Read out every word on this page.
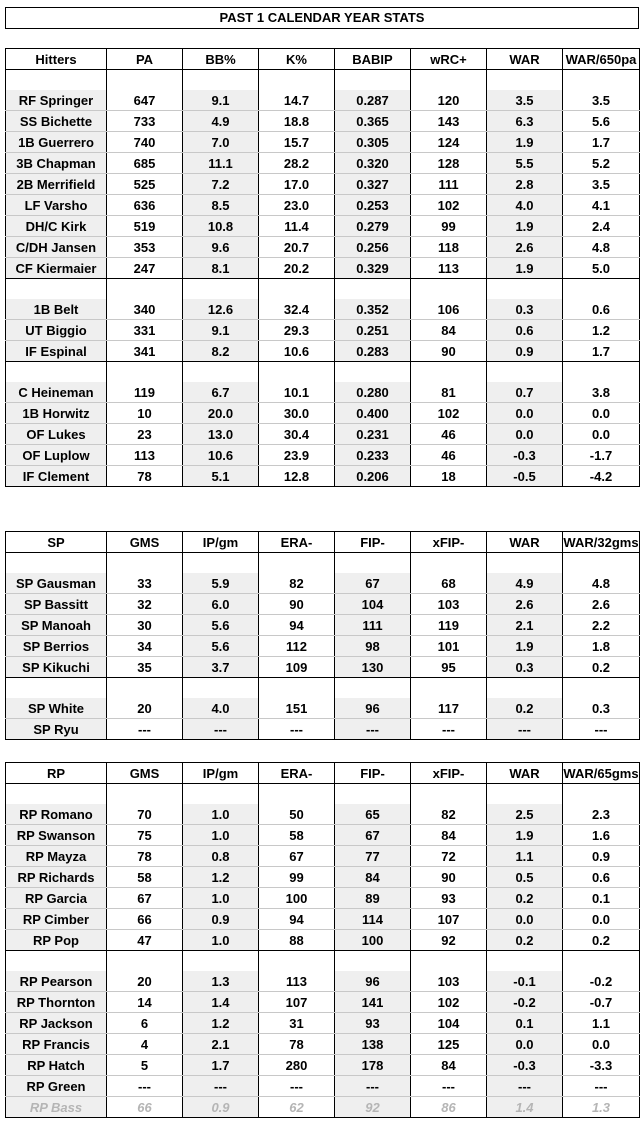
PAST 1 CALENDAR YEAR STATS
Hitters	PA	BB%	K%	BABIP	wRC+	WAR	WAR/650pa

RF Springer	647	9.1	14.7	0.287	120	3.5	3.5
SS Bichette	733	4.9	18.8	0.365	143	6.3	5.6
1B Guerrero	740	7.0	15.7	0.305	124	1.9	1.7
3B Chapman	685	11.1	28.2	0.320	128	5.5	5.2
2B Merrifield	525	7.2	17.0	0.327	111	2.8	3.5
LF Varsho	636	8.5	23.0	0.253	102	4.0	4.1
DH/C Kirk	519	10.8	11.4	0.279	99	1.9	2.4
C/DH Jansen	353	9.6	20.7	0.256	118	2.6	4.8
CF Kiermaier	247	8.1	20.2	0.329	113	1.9	5.0

1B Belt	340	12.6	32.4	0.352	106	0.3	0.6
UT Biggio	331	9.1	29.3	0.251	84	0.6	1.2
IF Espinal	341	8.2	10.6	0.283	90	0.9	1.7

C Heineman	119	6.7	10.1	0.280	81	0.7	3.8
1B Horwitz	10	20.0	30.0	0.400	102	0.0	0.0
OF Lukes	23	13.0	30.4	0.231	46	0.0	0.0
OF Luplow	113	10.6	23.9	0.233	46	-0.3	-1.7
IF Clement	78	5.1	12.8	0.206	18	-0.5	-4.2
SP	GMS	IP/gm	ERA-	FIP-	xFIP-	WAR	WAR/32gms

SP Gausman	33	5.9	82	67	68	4.9	4.8
SP Bassitt	32	6.0	90	104	103	2.6	2.6
SP Manoah	30	5.6	94	111	119	2.1	2.2
SP Berrios	34	5.6	112	98	101	1.9	1.8
SP Kikuchi	35	3.7	109	130	95	0.3	0.2

SP White	20	4.0	151	96	117	0.2	0.3
SP Ryu	---	---	---	---	---	---	---
RP	GMS	IP/gm	ERA-	FIP-	xFIP-	WAR	WAR/65gms

RP Romano	70	1.0	50	65	82	2.5	2.3
RP Swanson	75	1.0	58	67	84	1.9	1.6
RP Mayza	78	0.8	67	77	72	1.1	0.9
RP Richards	58	1.2	99	84	90	0.5	0.6
RP Garcia	67	1.0	100	89	93	0.2	0.1
RP Cimber	66	0.9	94	114	107	0.0	0.0
RP Pop	47	1.0	88	100	92	0.2	0.2

RP Pearson	20	1.3	113	96	103	-0.1	-0.2
RP Thornton	14	1.4	107	141	102	-0.2	-0.7
RP Jackson	6	1.2	31	93	104	0.1	1.1
RP Francis	4	2.1	78	138	125	0.0	0.0
RP Hatch	5	1.7	280	178	84	-0.3	-3.3
RP Green	---	---	---	---	---	---	---
RP Bass	66	0.9	62	92	86	1.4	1.3
